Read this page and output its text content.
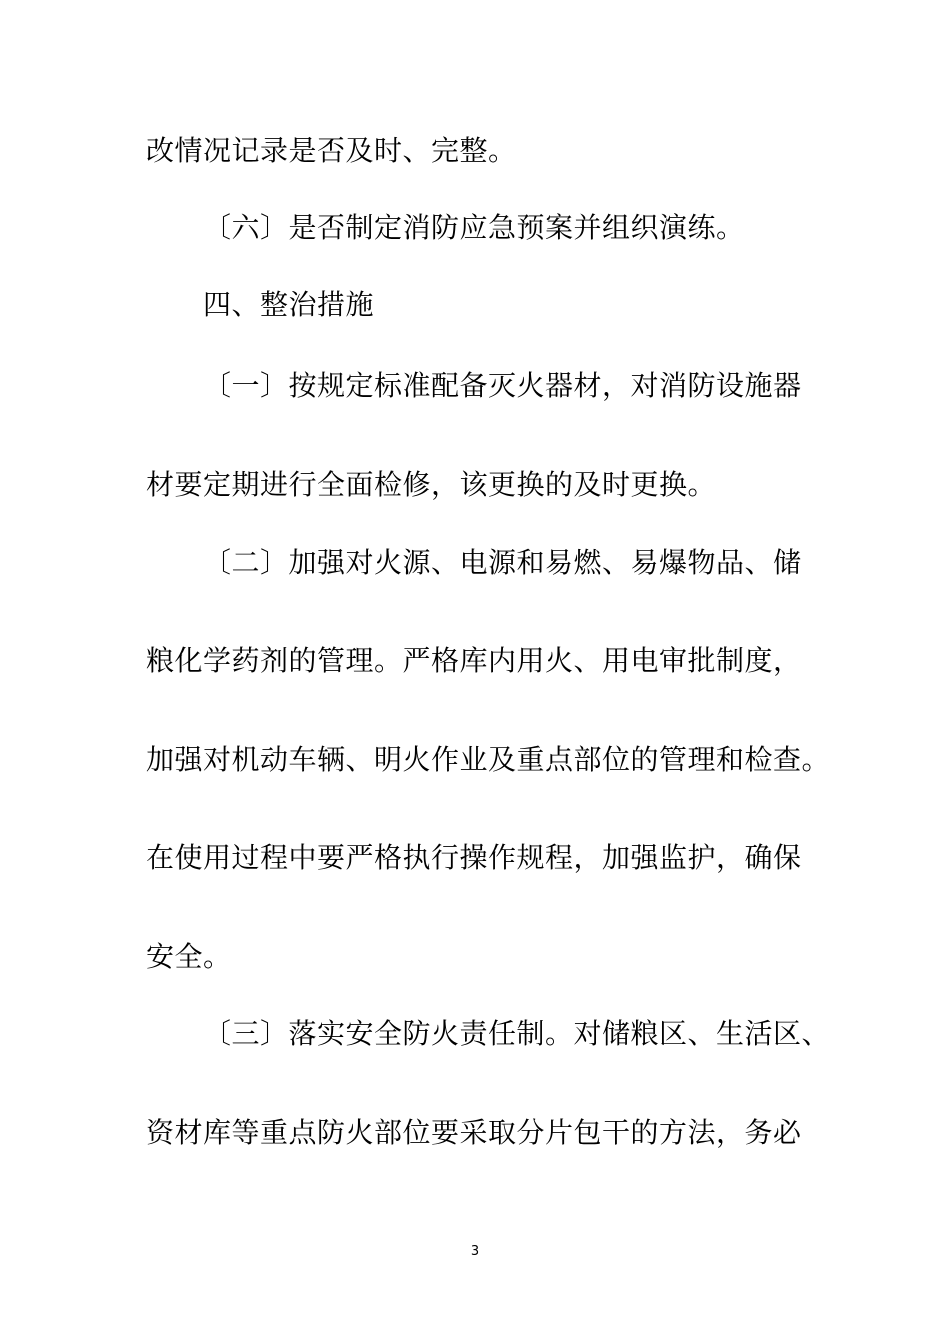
改情况记录是否及时、完整。
〔六〕是否制定消防应急预案并组织演练。
四、整治措施
〔一〕按规定标准配备灭火器材，对消防设施器
材要定期进行全面检修，该更换的及时更换。
〔二〕加强对火源、电源和易燃、易爆物品、储
粮化学药剂的管理。严格库内用火、用电审批制度，
加强对机动车辆、明火作业及重点部位的管理和检查。
在使用过程中要严格执行操作规程，加强监护，确保
安全。
〔三〕落实安全防火责任制。对储粮区、生活区、
资材库等重点防火部位要采取分片包干的方法，务必
3
